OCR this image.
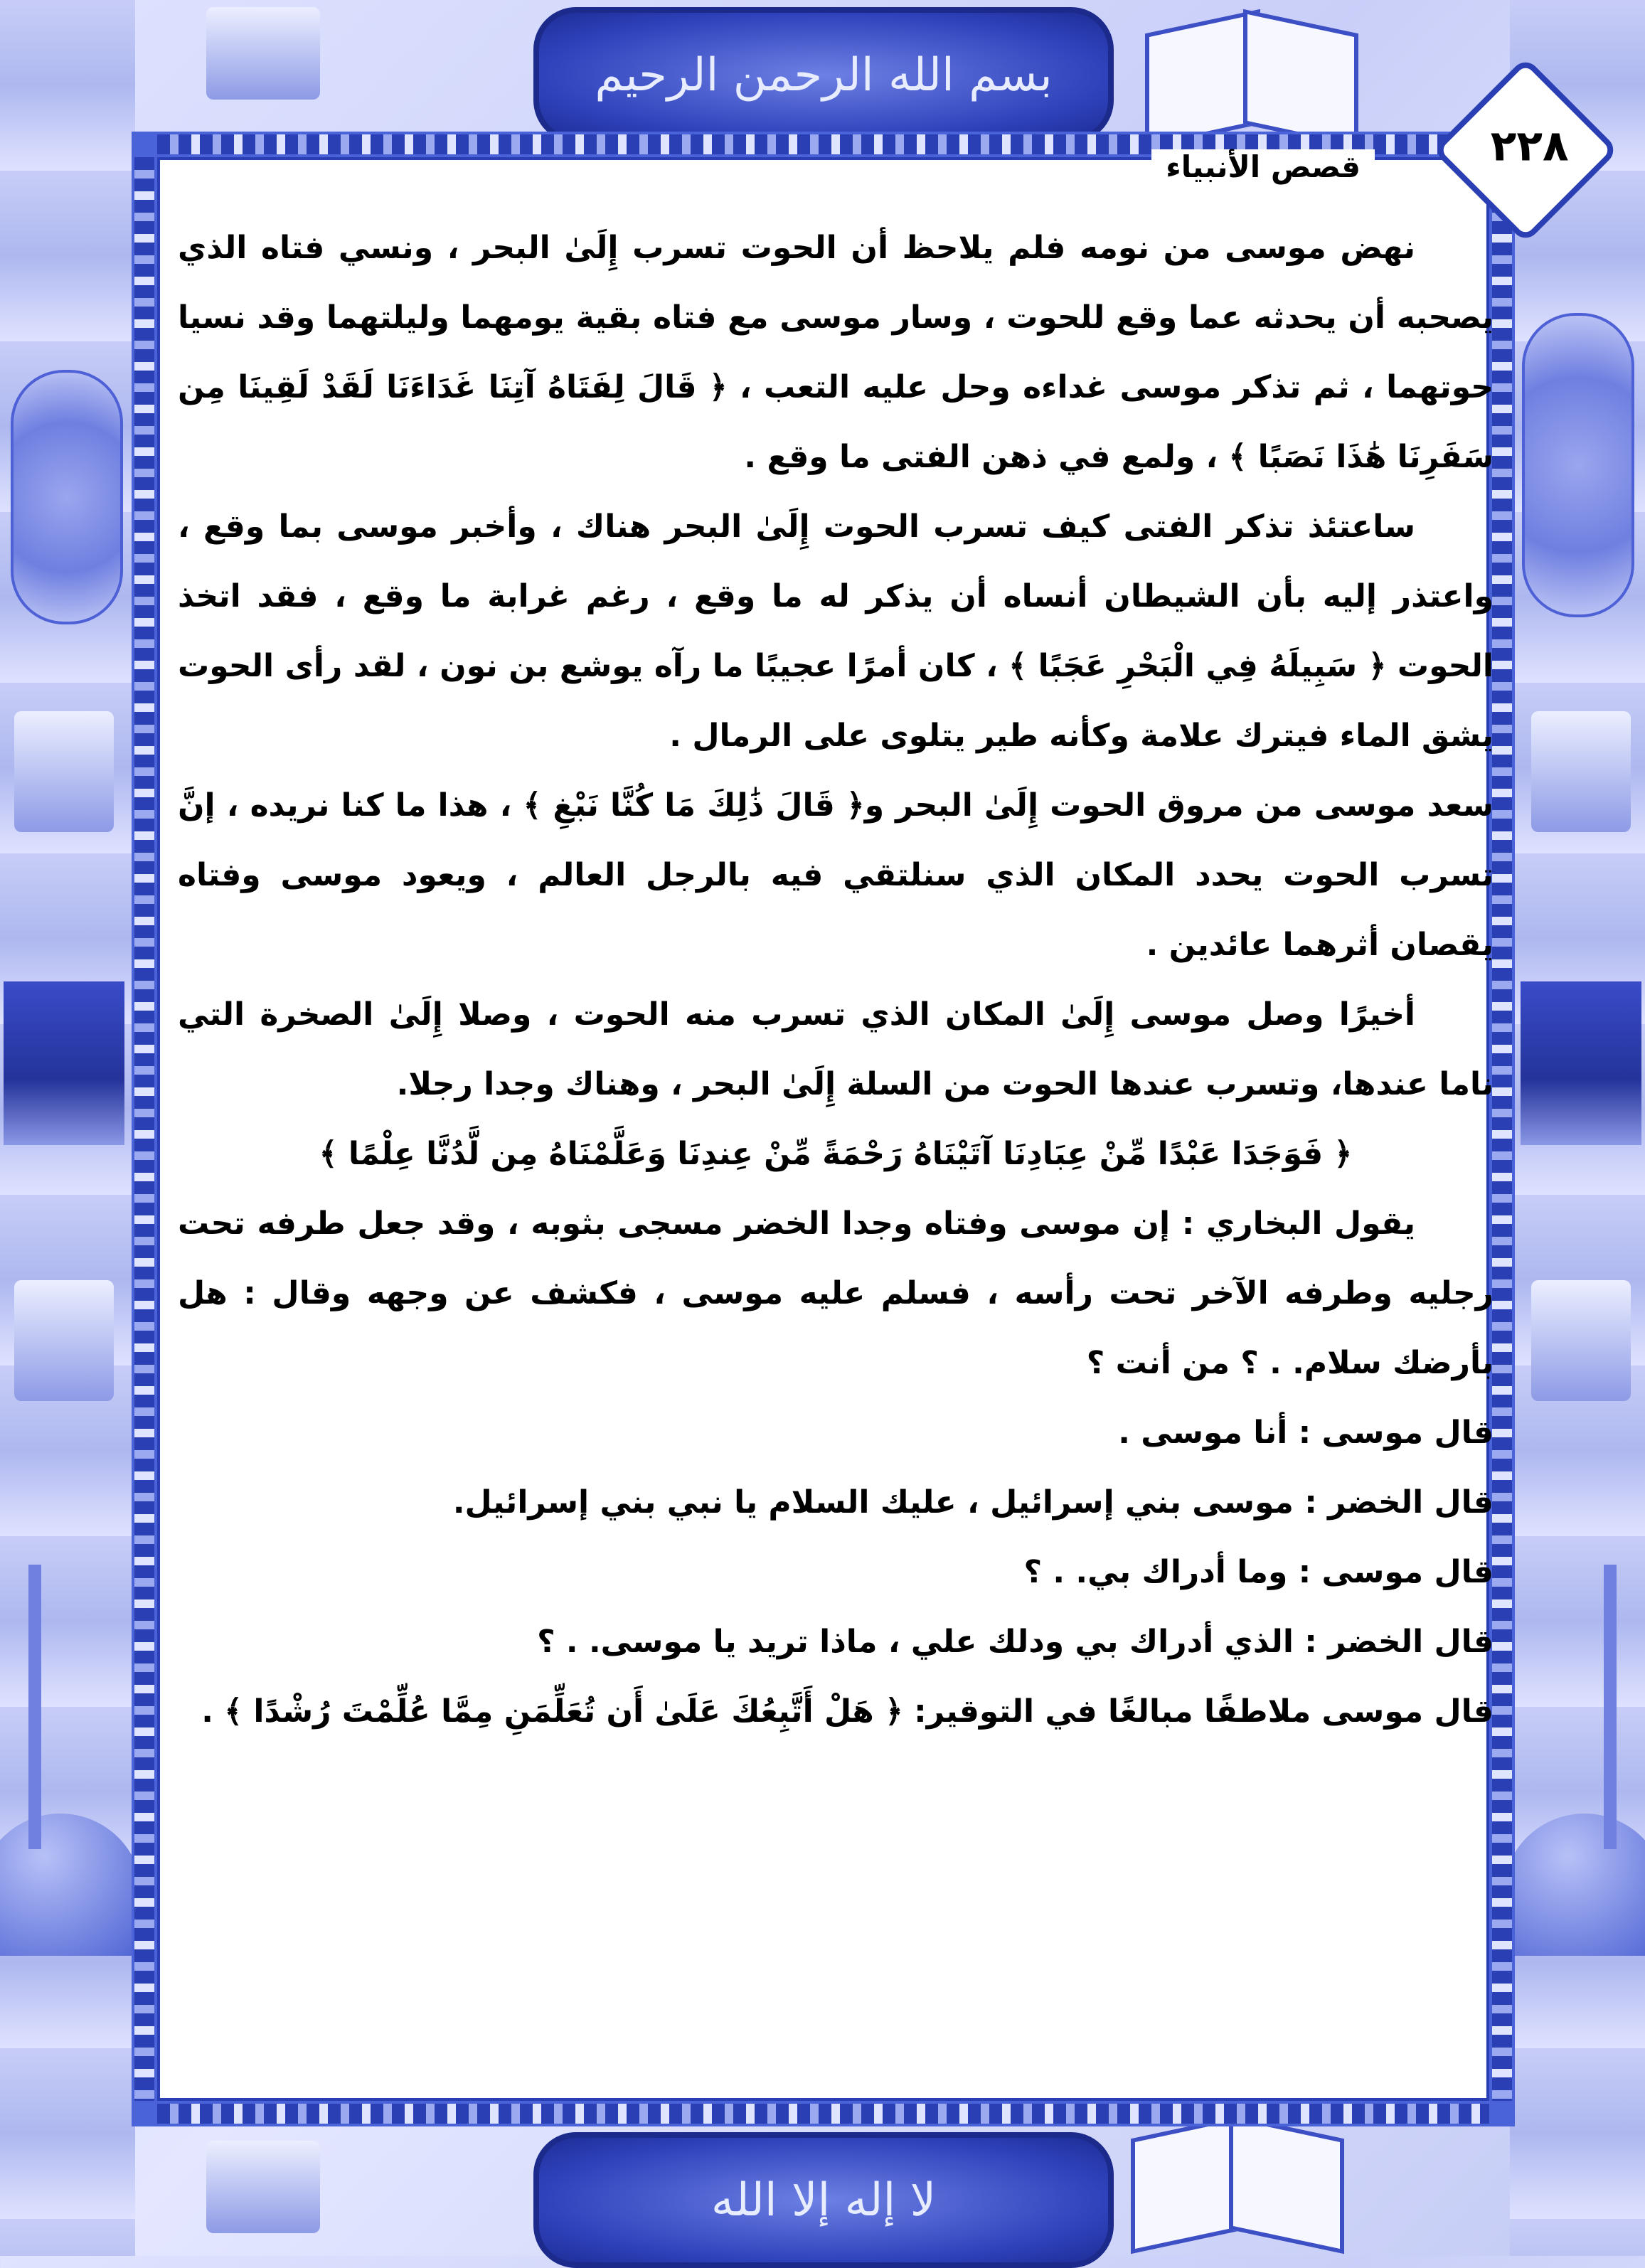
بسم الله الرحمن الرحيم
لا إله إلا الله
٢٢٨
قصص الأنبياء

نهض موسى من نومه فلم يلاحظ أن الحوت تسرب إِلَىٰ البحر ، ونسي فتاه الذي يصحبه أن يحدثه عما وقع للحوت ، وسار موسى مع فتاه بقية يومهما وليلتهما وقد نسيا حوتهما ، ثم تذكر موسى غداءه وحل عليه التعب ، ﴿ قَالَ لِفَتَاهُ آتِنَا غَدَاءَنَا لَقَدْ لَقِينَا مِن سَفَرِنَا هَٰذَا نَصَبًا ﴾ ، ولمع في ذهن الفتى ما وقع .

ساعتئذ تذكر الفتى كيف تسرب الحوت إِلَىٰ البحر هناك ، وأخبر موسى بما وقع ، واعتذر إليه بأن الشيطان أنساه أن يذكر له ما وقع ، رغم غرابة ما وقع ، فقد اتخذ الحوت ﴿ سَبِيلَهُ فِي الْبَحْرِ عَجَبًا ﴾ ، كان أمرًا عجيبًا ما رآه يوشع بن نون ، لقد رأى الحوت يشق الماء فيترك علامة وكأنه طير يتلوى على الرمال .

سعد موسى من مروق الحوت إِلَىٰ البحر و﴿ قَالَ ذَٰلِكَ مَا كُنَّا نَبْغِ ﴾ ، هذا ما كنا نريده ، إنَّ تسرب الحوت يحدد المكان الذي سنلتقي فيه بالرجل العالم ، ويعود موسى وفتاه يقصان أثرهما عائدين .

أخيرًا وصل موسى إِلَىٰ المكان الذي تسرب منه الحوت ، وصلا إِلَىٰ الصخرة التي ناما عندها، وتسرب عندها الحوت من السلة إِلَىٰ البحر ، وهناك وجدا رجلا.

﴿ فَوَجَدَا عَبْدًا مِّنْ عِبَادِنَا آتَيْنَاهُ رَحْمَةً مِّنْ عِندِنَا وَعَلَّمْنَاهُ مِن لَّدُنَّا عِلْمًا ﴾

يقول البخاري : إن موسى وفتاه وجدا الخضر مسجى بثوبه ، وقد جعل طرفه تحت رجليه وطرفه الآخر تحت رأسه ، فسلم عليه موسى ، فكشف عن وجهه وقال : هل بأرضك سلام. . ؟ من أنت ؟

قال موسى : أنا موسى .

قال الخضر : موسى بني إسرائيل ، عليك السلام يا نبي بني إسرائيل.

قال موسى : وما أدراك بي. . ؟

قال الخضر : الذي أدراك بي ودلك علي ، ماذا تريد يا موسى. . ؟

قال موسى ملاطفًا مبالغًا في التوقير: ﴿ هَلْ أَتَّبِعُكَ عَلَىٰ أَن تُعَلِّمَنِ مِمَّا عُلِّمْتَ رُشْدًا ﴾ .
